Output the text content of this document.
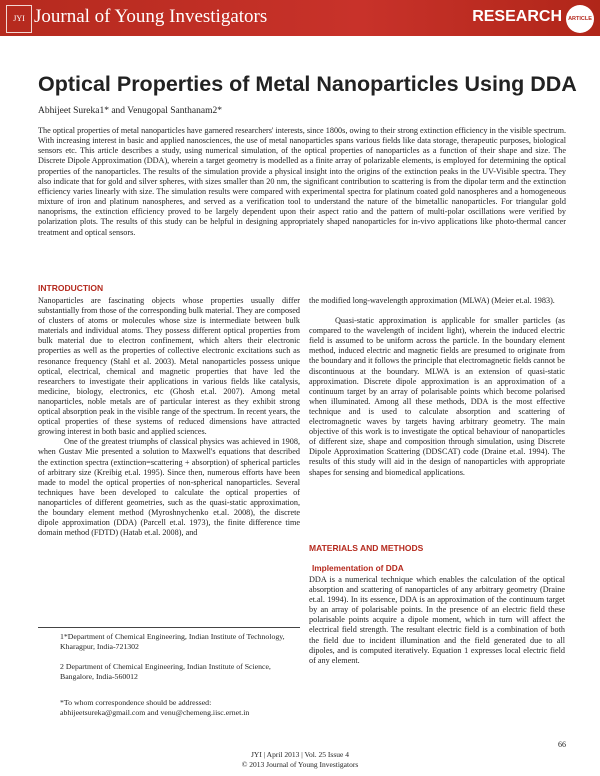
JYI Journal of Young Investigators	RESEARCH	ARTICLE
Optical Properties of Metal Nanoparticles Using DDA
Abhijeet Sureka1* and Venugopal Santhanam2*
The optical properties of metal nanoparticles have garnered researchers' interests, since 1800s, owing to their strong extinction efficiency in the visible spectrum. With increasing interest in basic and applied nanosciences, the use of metal nanoparticles spans various fields like data storage, therapeutic purposes, biological sensors etc. This article describes a study, using numerical simulation, of the optical properties of nanoparticles as a function of their shape and size. The Discrete Dipole Approximation (DDA), wherein a target geometry is modelled as a finite array of polarizable elements, is employed for determining the optical properties of the nanoparticles. The results of the simulation provide a physical insight into the origins of the extinction peaks in the UV-Visible spectra. They also indicate that for gold and silver spheres, with sizes smaller than 20 nm, the significant contribution to scattering is from the dipolar term and the extinction efficiency varies linearly with size. The simulation results were compared with experimental spectra for platinum coated gold nanospheres and a homogeneous mixture of iron and platinum nanospheres, and served as a verification tool to understand the nature of the bimetallic nanoparticles. For triangular gold nanoprisms, the extinction efficiency proved to be largely dependent upon their aspect ratio and the pattern of multi-polar oscillations were verified by polarization plots. The results of this study can be helpful in designing appropriately shaped nanoparticles for in-vivo applications like photo-thermal cancer treatment and optical sensors.
INTRODUCTION

Nanoparticles are fascinating objects whose properties usually differ substantially from those of the corresponding bulk material. They are composed of clusters of atoms or molecules whose size is intermediate between bulk materials and individual atoms. They possess different optical properties from bulk material due to electron confinement, which alters their electronic properties as well as the properties of collective electronic excitations such as resonance frequency (Stahl et al. 2003). Metal nanoparticles possess unique optical, electrical, chemical and magnetic properties that have led the researchers to investigate their applications in various fields like catalysis, medicine, biology, electronics, etc (Ghosh et.al. 2007). Among metal nanoparticles, noble metals are of particular interest as they exhibit strong optical absorption peak in the visible range of the spectrum. In recent years, the optical properties of these systems of reduced dimensions have attracted growing interest in both basic and applied sciences.

One of the greatest triumphs of classical physics was achieved in 1908, when Gustav Mie presented a solution to Maxwell's equations that described the extinction spectra (extinction=scattering + absorption) of spherical particles of arbitrary size (Kreibig et.al. 1995). Since then, numerous efforts have been made to model the optical properties of non-spherical nanoparticles. Several techniques have been developed to calculate the optical properties of nanoparticles of different geometries, such as the quasi-static approximation, the boundary element method (Myroshnychenko et.al. 2008), the discrete dipole approximation (DDA) (Parcell et.al. 1973), the finite difference time domain method (FDTD) (Hatab et.al. 2008), and

the modified long-wavelength approximation (MLWA) (Meier et.al. 1983).

Quasi-static approximation is applicable for smaller particles (as compared to the wavelength of incident light), wherein the induced electric field is assumed to be uniform across the particle. In the boundary element method, induced electric and magnetic fields are presumed to originate from the boundary and it follows the principle that electromagnetic fields cannot be discontinuous at the boundary. MLWA is an extension of quasi-static approximation. Discrete dipole approximation is an approximation of a continuum target by an array of polarisable points which become polarised when illuminated. Among all these methods, DDA is the most effective technique and is used to calculate absorption and scattering of electromagnetic waves by targets having arbitrary geometry. The main objective of this work is to investigate the optical behaviour of nanoparticles of different size, shape and composition through simulation, using Discrete Dipole Approximation Scattering (DDSCAT) code (Draine et.al. 1994). The results of this study will aid in the design of nanoparticles with appropriate shapes for sensing and biomedical applications.

MATERIALS AND METHODS
Implementation of DDA
DDA is a numerical technique which enables the calculation of the optical absorption and scattering of nanoparticles of any arbitrary geometry (Draine et.al. 1994). In its essence, DDA is an approximation of the continuum target by an array of polarisable points. In the presence of an electric field these polarisable points acquire a dipole moment, which in turn will affect the electrical field strength. The resultant electric field is a combination of both the field due to incident illumination and the field generated due to all dipoles, and is computed iteratively. Equation 1 expresses local electric field of any element.
1*Department of Chemical Engineering, Indian Institute of Technology, Kharagpur, India-721302
2 Department of Chemical Engineering, Indian Institute of Science, Bangalore, India-560012
*To whom correspondence should be addressed:
abhijeetsureka@gmail.com and venu@chemeng.iisc.ernet.in
66
JYI | April 2013 | Vol. 25 Issue 4
© 2013 Journal of Young Investigators
